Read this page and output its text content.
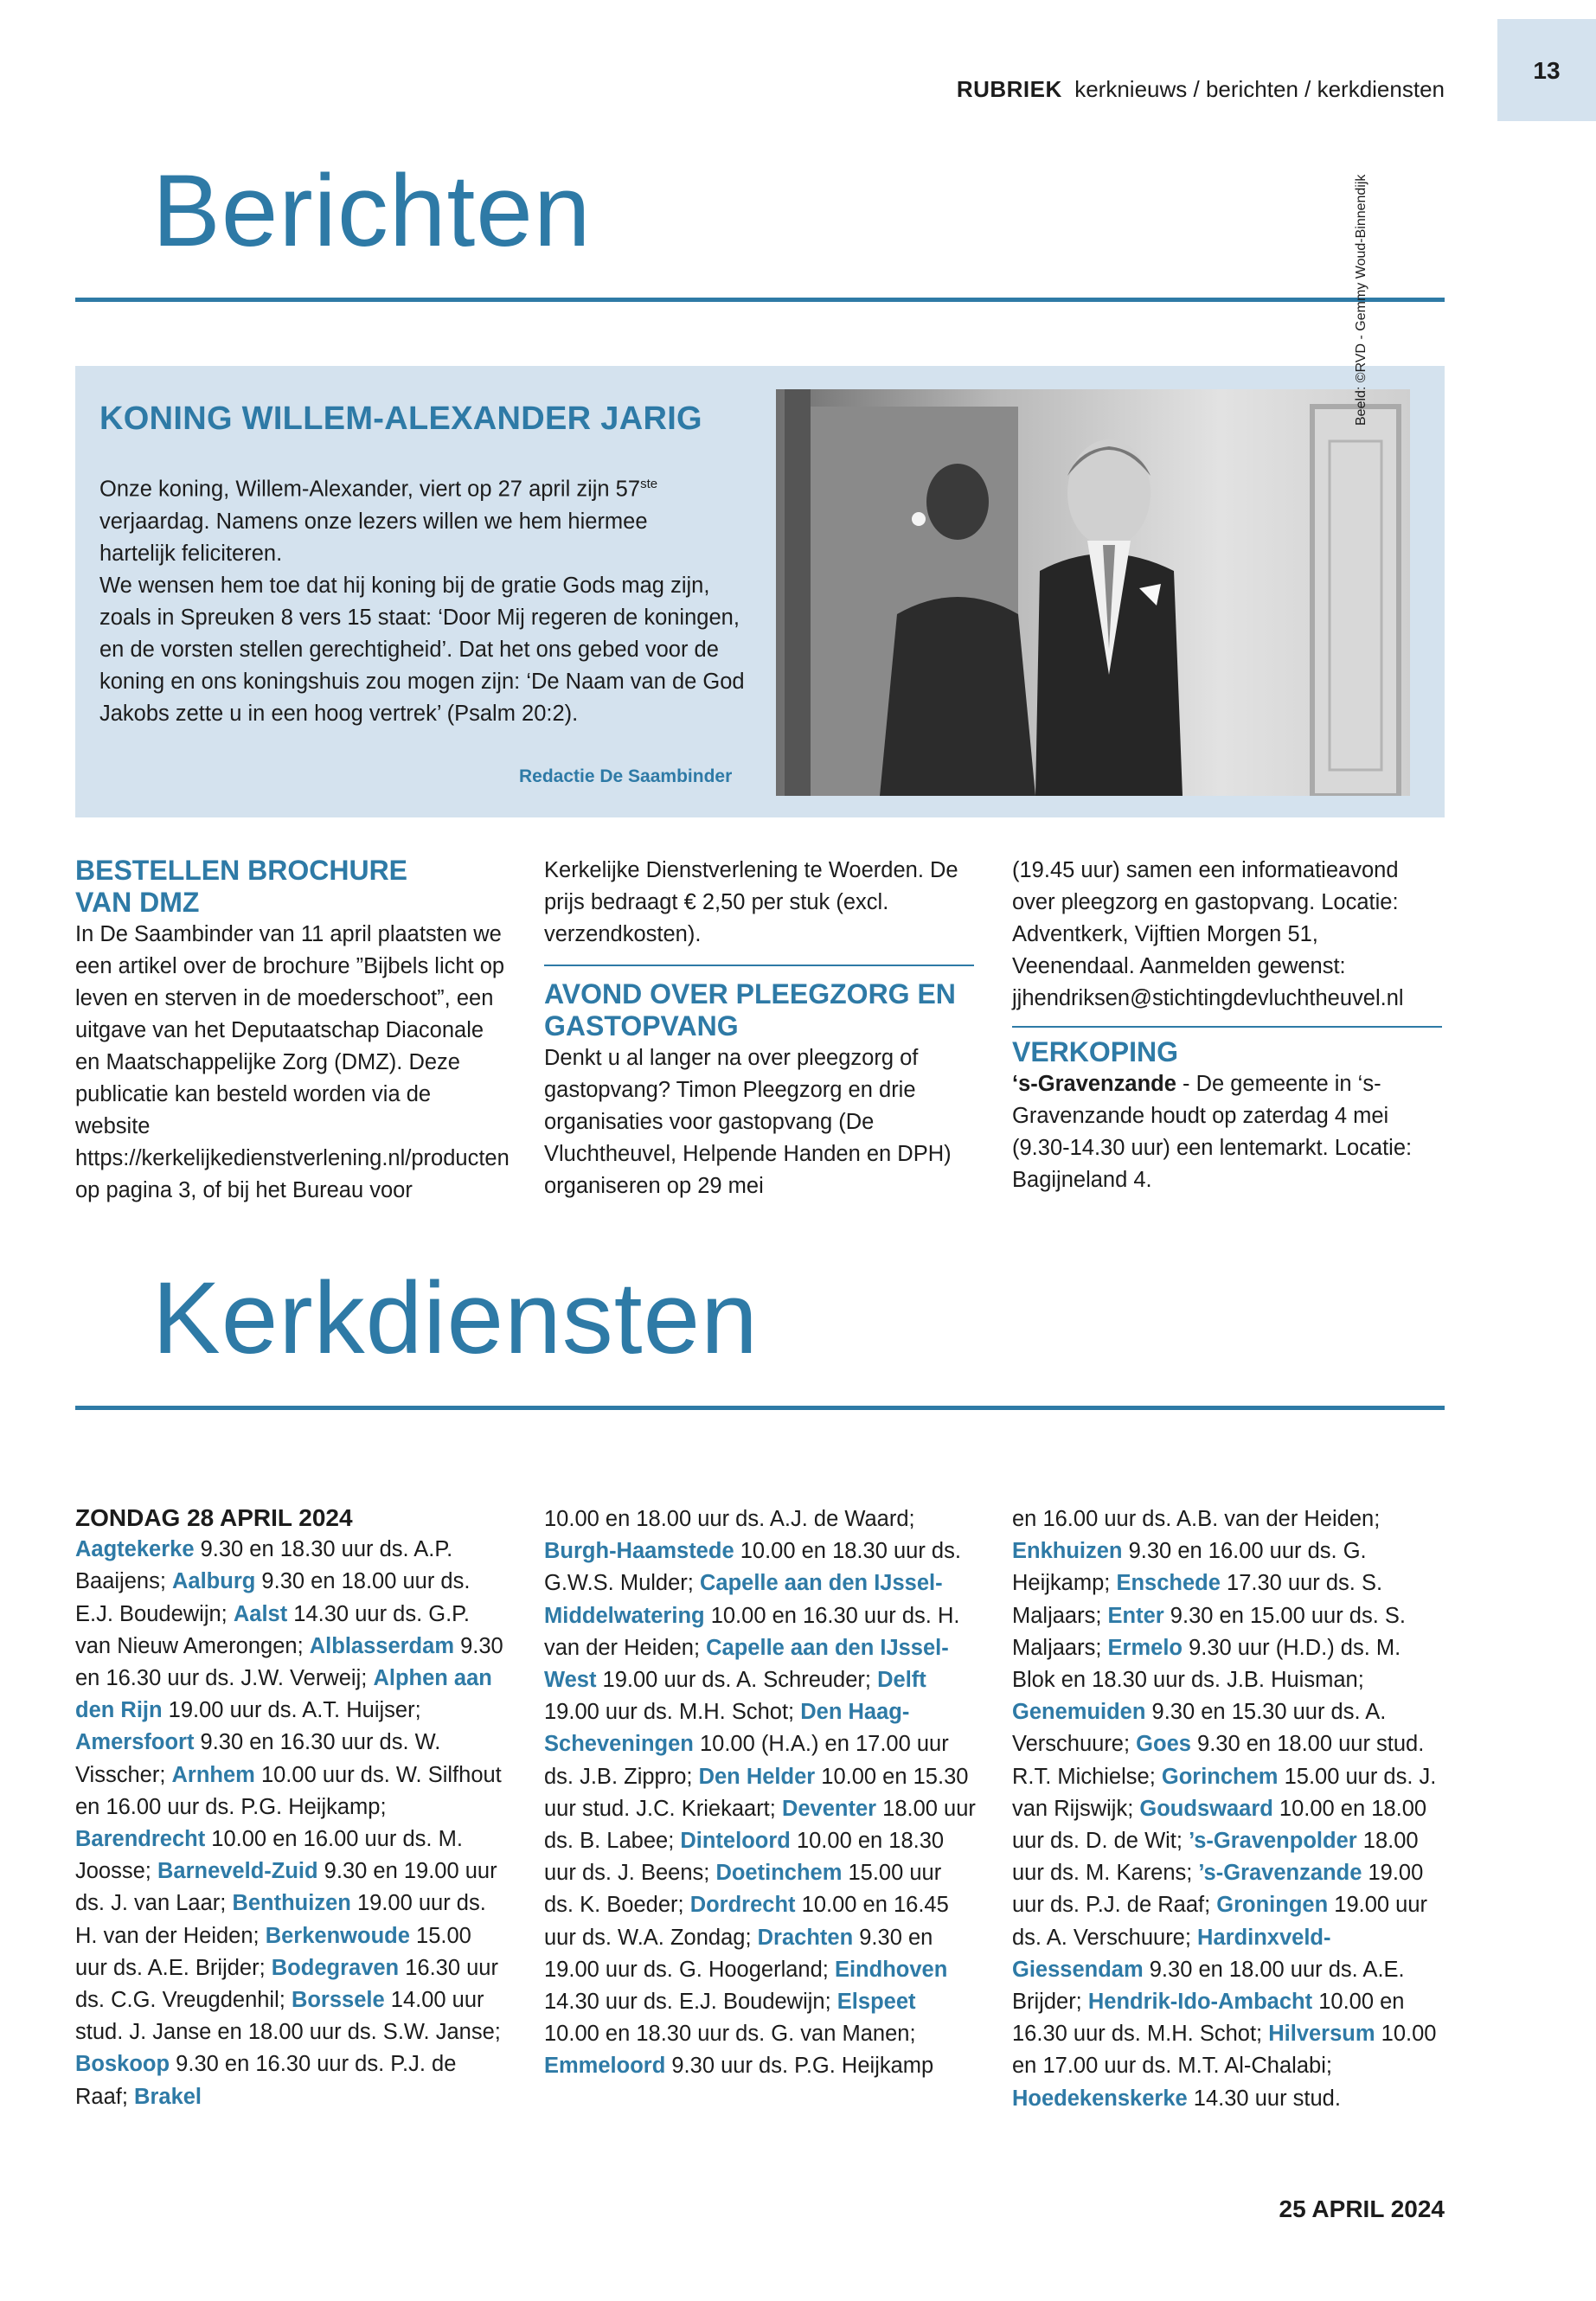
RUBRIEK kerknieuws / berichten / kerkdiensten
13
Berichten
KONING WILLEM-ALEXANDER JARIG

Onze koning, Willem-Alexander, viert op 27 april zijn 57ste

verjaardag. Namens onze lezers willen we hem hiermee

hartelijk feliciteren.

We wensen hem toe dat hij koning bij de gratie Gods mag zijn, zoals in Spreuken 8 vers 15 staat: ‘Door Mij regeren de koningen, en de vorsten stellen gerechtigheid’. Dat het ons gebed voor de koning en ons koningshuis zou mogen zijn: ‘De Naam van de God Jakobs zette u in een hoog vertrek’ (Psalm 20:2).

Redactie De Saambinder
Beeld: ©RVD - Gemmy Woud-Binnendijk

BESTELLEN BROCHURE VAN DMZ

In De Saambinder van 11 april plaatsten we een artikel over de brochure ”Bijbels licht op leven en sterven in de moederschoot”, een uitgave van het Deputaatschap Diaconale en Maatschappelijke Zorg (DMZ). Deze publicatie kan besteld worden via de website https://kerkelijkedienstverlening.nl/producten op pagina 3, of bij het Bureau voor

Kerkelijke Dienstverlening te Woerden. De prijs bedraagt € 2,50 per stuk (excl. verzendkosten).

AVOND OVER PLEEGZORG EN GASTOPVANG

Denkt u al langer na over pleegzorg of gastopvang? Timon Pleegzorg en drie organisaties voor gastopvang (De Vluchtheuvel, Helpende Handen en DPH) organiseren op 29 mei

(19.45 uur) samen een informatieavond over pleegzorg en gastopvang. Locatie: Adventkerk, Vijftien Morgen 51, Veenendaal. Aanmelden gewenst: jjhendriksen@stichtingdevluchtheuvel.nl

VERKOPING

‘s-Gravenzande - De gemeente in ‘s-Gravenzande houdt op zaterdag 4 mei (9.30-14.30 uur) een lentemarkt. Locatie: Bagijneland 4.

Kerkdiensten
ZONDAG 28 APRIL 2024
Aagtekerke 9.30 en 18.30 uur ds. A.P. Baaijens; Aalburg 9.30 en 18.00 uur ds. E.J. Boudewijn; Aalst 14.30 uur ds. G.P. van Nieuw Amerongen; Alblasserdam 9.30 en 16.30 uur ds. J.W. Verweij; Alphen aan den Rijn 19.00 uur ds. A.T. Huijser; Amersfoort 9.30 en 16.30 uur ds. W. Visscher; Arnhem 10.00 uur ds. W. Silfhout en 16.00 uur ds. P.G. Heijkamp; Barendrecht 10.00 en 16.00 uur ds. M. Joosse; Barneveld-Zuid 9.30 en 19.00 uur ds. J. van Laar; Benthuizen 19.00 uur ds. H. van der Heiden; Berkenwoude 15.00 uur ds. A.E. Brijder; Bodegraven 16.30 uur ds. C.G. Vreugdenhil; Borssele 14.00 uur stud. J. Janse en 18.00 uur ds. S.W. Janse; Boskoop 9.30 en 16.30 uur ds. P.J. de Raaf; Brakel
10.00 en 18.00 uur ds. A.J. de Waard; Burgh-Haamstede 10.00 en 18.30 uur ds. G.W.S. Mulder; Capelle aan den IJssel-Middelwatering 10.00 en 16.30 uur ds. H. van der Heiden; Capelle aan den IJssel-West 19.00 uur ds. A. Schreuder; Delft 19.00 uur ds. M.H. Schot; Den Haag-Scheveningen 10.00 (H.A.) en 17.00 uur ds. J.B. Zippro; Den Helder 10.00 en 15.30 uur stud. J.C. Kriekaart; Deventer 18.00 uur ds. B. Labee; Dinteloord 10.00 en 18.30 uur ds. J. Beens; Doetinchem 15.00 uur ds. K. Boeder; Dordrecht 10.00 en 16.45 uur ds. W.A. Zondag; Drachten 9.30 en 19.00 uur ds. G. Hoogerland; Eindhoven 14.30 uur ds. E.J. Boudewijn; Elspeet 10.00 en 18.30 uur ds. G. van Manen; Emmeloord 9.30 uur ds. P.G. Heijkamp
en 16.00 uur ds. A.B. van der Heiden; Enkhuizen 9.30 en 16.00 uur ds. G. Heijkamp; Enschede 17.30 uur ds. S. Maljaars; Enter 9.30 en 15.00 uur ds. S. Maljaars; Ermelo 9.30 uur (H.D.) ds. M. Blok en 18.30 uur ds. J.B. Huisman; Genemuiden 9.30 en 15.30 uur ds. A. Verschuure; Goes 9.30 en 18.00 uur stud. R.T. Michielse; Gorinchem 15.00 uur ds. J. van Rijswijk; Goudswaard 10.00 en 18.00 uur ds. D. de Wit; ’s-Gravenpolder 18.00 uur ds. M. Karens; ’s-Gravenzande 19.00 uur ds. P.J. de Raaf; Groningen 19.00 uur ds. A. Verschuure; Hardinxveld-Giessendam 9.30 en 18.00 uur ds. A.E. Brijder; Hendrik-Ido-Ambacht 10.00 en 16.30 uur ds. M.H. Schot; Hilversum 10.00 en 17.00 uur ds. M.T. Al-Chalabi; Hoedekenskerke 14.30 uur stud.
25 APRIL 2024
